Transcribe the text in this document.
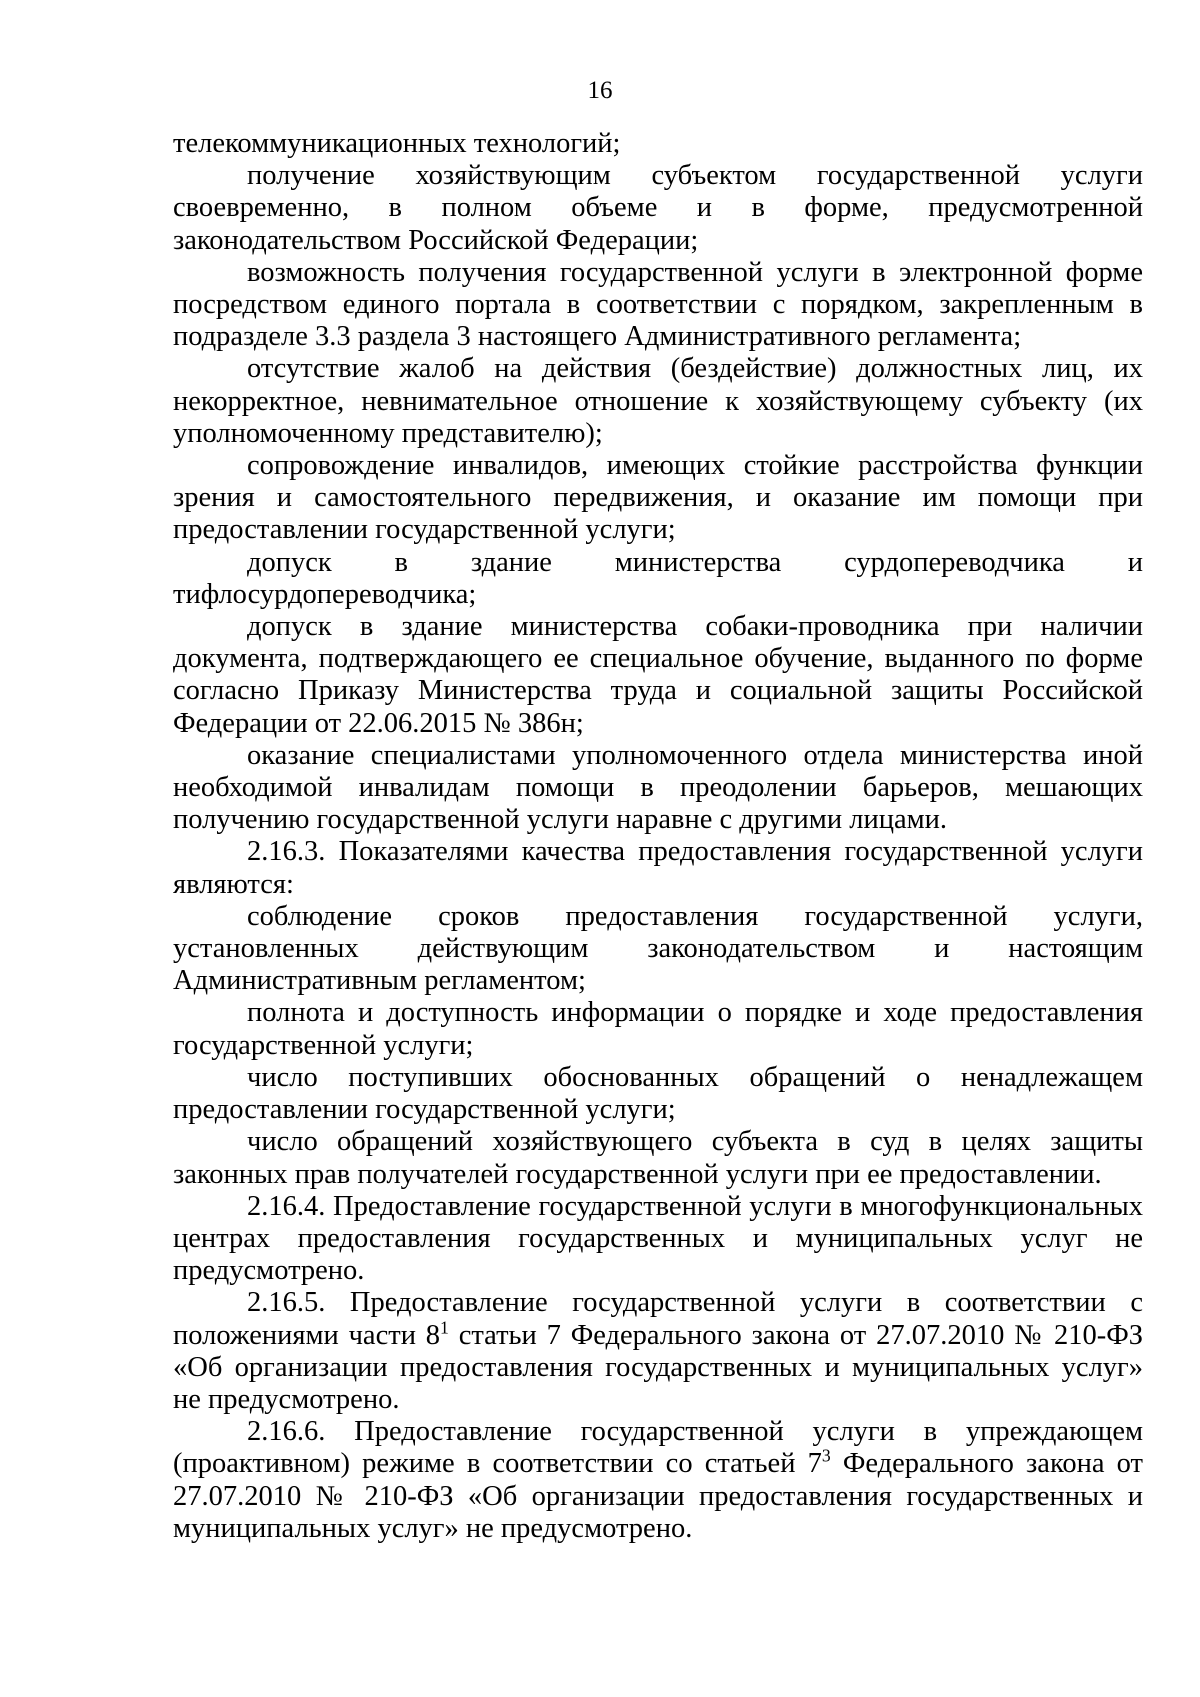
16

телекоммуникационных технологий;

получение хозяйствующим субъектом государственной услуги своевременно, в полном объеме и в форме, предусмотренной законодательством Российской Федерации;

возможность получения государственной услуги в электронной форме посредством единого портала в соответствии с порядком, закрепленным в подразделе 3.3 раздела 3 настоящего Административного регламента;

отсутствие жалоб на действия (бездействие) должностных лиц, их некорректное, невнимательное отношение к хозяйствующему субъекту (их уполномоченному представителю);

сопровождение инвалидов, имеющих стойкие расстройства функции зрения и самостоятельного передвижения, и оказание им помощи при предоставлении государственной услуги;

допуск в здание министерства сурдопереводчика и тифлосурдопереводчика;

допуск в здание министерства собаки-проводника при наличии документа, подтверждающего ее специальное обучение, выданного по форме согласно Приказу Министерства труда и социальной защиты Российской Федерации от 22.06.2015 № 386н;

оказание специалистами уполномоченного отдела министерства иной необходимой инвалидам помощи в преодолении барьеров, мешающих получению государственной услуги наравне с другими лицами.

2.16.3. Показателями качества предоставления государственной услуги являются:

соблюдение сроков предоставления государственной услуги, установленных действующим законодательством и настоящим Административным регламентом;

полнота и доступность информации о порядке и ходе предоставления государственной услуги;

число поступивших обоснованных обращений о ненадлежащем предоставлении государственной услуги;

число обращений хозяйствующего субъекта в суд в целях защиты законных прав получателей государственной услуги при ее предоставлении.

2.16.4. Предоставление государственной услуги в многофункциональных центрах предоставления государственных и муниципальных услуг не предусмотрено.

2.16.5. Предоставление государственной услуги в соответствии с положениями части $8^1$ статьи 7 Федерального закона от 27.07.2010 № 210-ФЗ «Об организации предоставления государственных и муниципальных услуг» не предусмотрено.

2.16.6. Предоставление государственной услуги в упреждающем (проактивном) режиме в соответствии со статьей $7^3$ Федерального закона от 27.07.2010 № 210-ФЗ «Об организации предоставления государственных и муниципальных услуг» не предусмотрено.
